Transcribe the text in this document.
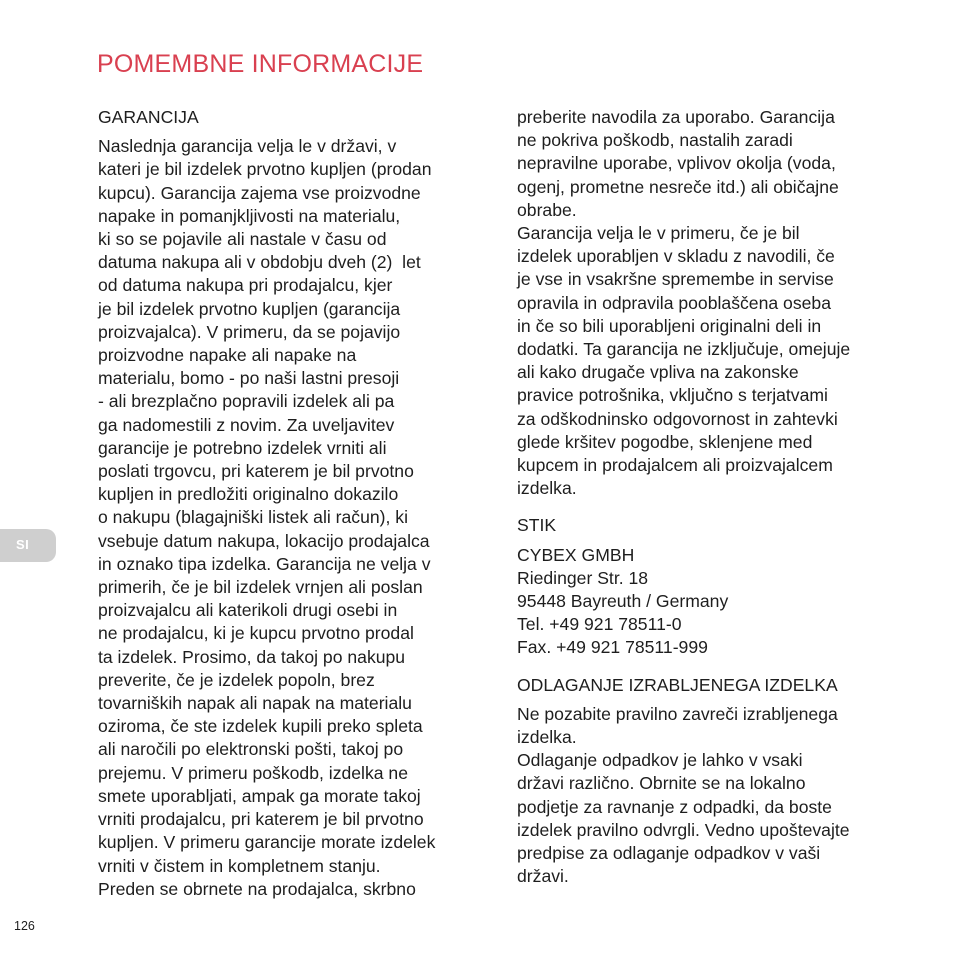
POMEMBNE INFORMACIJE
GARANCIJA
Naslednja garancija velja le v državi, v
kateri je bil izdelek prvotno kupljen (prodan
kupcu). Garancija zajema vse proizvodne
napake in pomanjkljivosti na materialu,
ki so se pojavile ali nastale v času od
datuma nakupa ali v obdobju dveh (2)  let
od datuma nakupa pri prodajalcu, kjer
je bil izdelek prvotno kupljen (garancija
proizvajalca). V primeru, da se pojavijo
proizvodne napake ali napake na
materialu, bomo - po naši lastni presoji
- ali brezplačno popravili izdelek ali pa
ga nadomestili z novim. Za uveljavitev
garancije je potrebno izdelek vrniti ali
poslati trgovcu, pri katerem je bil prvotno
kupljen in predložiti originalno dokazilo
o nakupu (blagajniški listek ali račun), ki
vsebuje datum nakupa, lokacijo prodajalca
in oznako tipa izdelka. Garancija ne velja v
primerih, če je bil izdelek vrnjen ali poslan
proizvajalcu ali katerikoli drugi osebi in
ne prodajalcu, ki je kupcu prvotno prodal
ta izdelek. Prosimo, da takoj po nakupu
preverite, če je izdelek popoln, brez
tovarniških napak ali napak na materialu
oziroma, če ste izdelek kupili preko spleta
ali naročili po elektronski pošti, takoj po
prejemu. V primeru poškodb, izdelka ne
smete uporabljati, ampak ga morate takoj
vrniti prodajalcu, pri katerem je bil prvotno
kupljen. V primeru garancije morate izdelek
vrniti v čistem in kompletnem stanju.
Preden se obrnete na prodajalca, skrbno
preberite navodila za uporabo. Garancija
ne pokriva poškodb, nastalih zaradi
nepravilne uporabe, vplivov okolja (voda,
ogenj, prometne nesreče itd.) ali običajne
obrabe.
Garancija velja le v primeru, če je bil
izdelek uporabljen v skladu z navodili, če
je vse in vsakršne spremembe in servise
opravila in odpravila pooblaščena oseba
in če so bili uporabljeni originalni deli in
dodatki. Ta garancija ne izključuje, omejuje
ali kako drugače vpliva na zakonske
pravice potrošnika, vključno s terjatvami
za odškodninsko odgovornost in zahtevki
glede kršitev pogodbe, sklenjene med
kupcem in prodajalcem ali proizvajalcem
izdelka.
STIK
CYBEX GMBH
Riedinger Str. 18
95448 Bayreuth / Germany
Tel. +49 921 78511-0
Fax. +49 921 78511-999
ODLAGANJE IZRABLJENEGA IZDELKA
Ne pozabite pravilno zavreči izrabljenega
izdelka.
Odlaganje odpadkov je lahko v vsaki
državi različno. Obrnite se na lokalno
podjetje za ravnanje z odpadki, da boste
izdelek pravilno odvrgli. Vedno upoštevajte
predpise za odlaganje odpadkov v vaši
državi.
SI
126
